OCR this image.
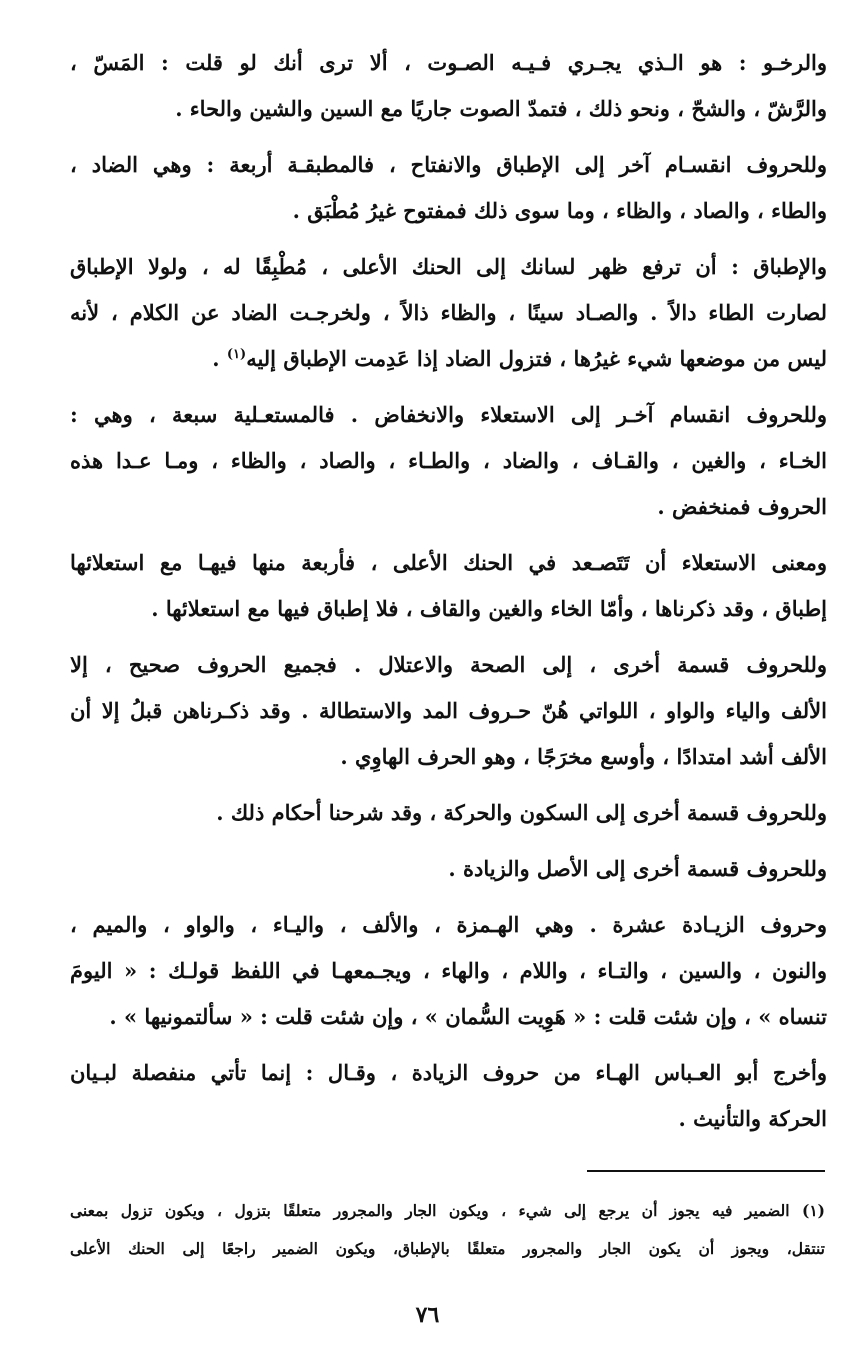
والرخـو : هو الـذي يجـري فـيـه الصـوت ، ألا ترى أنك لو قلت : المَسّ ،
والرَّشّ ، والشحّ ، ونحو ذلك ، فتمدّ الصوت جاريًا مع السين والشين والحاء .

وللحروف انقسـام آخر إلى الإطباق والانفتاح ، فالمطبقـة أربعة : وهي الضاد ،
والطاء ، والصاد ، والظاء ، وما سوى ذلك فمفتوح غيرُ مُطْبَق .

والإطباق : أن ترفع ظهر لسانك إلى الحنك الأعلى ، مُطْبِقًا له ، ولولا الإطباق
لصارت الطاء دالاً . والصـاد سينًا ، والظاء ذالاً ، ولخرجـت الضاد عن الكلام ، لأنه
ليس من موضعها شيء غيرُها ، فتزول الضاد إذا عَدِمت الإطباق إليه$^{(١)}$ .

وللحروف انقسام آخـر إلى الاستعلاء والانخفاض . فالمستعـلية سبعة ، وهي :
الخـاء ، والغين ، والقـاف ، والضاد ، والطـاء ، والصاد ، والظاء ، ومـا عـدا هذه
الحروف فمنخفض .

ومعنى الاستعلاء أن تَتَصـعد في الحنك الأعلى ، فأربعة منها فيهـا مع استعلائها
إطباق ، وقد ذكرناها ، وأمّا الخاء والغين والقاف ، فلا إطباق فيها مع استعلائها .

وللحروف قسمة أخرى ، إلى الصحة والاعتلال . فجميع الحروف صحيح ، إلا
الألف والياء والواو ، اللواتي هُنّ حـروف المد والاستطالة . وقد ذكـرناهن قبلُ إلا أن
الألف أشد امتدادًا ، وأوسع مخرَجًا ، وهو الحرف الهاوِي .

وللحروف قسمة أخرى إلى السكون والحركة ، وقد شرحنا أحكام ذلك .

وللحروف قسمة أخرى إلى الأصل والزيادة .

وحروف الزيـادة عشرة . وهي الهـمزة ، والألف ، واليـاء ، والواو ، والميم ،
والنون ، والسين ، والتـاء ، واللام ، والهاء ، ويجـمعهـا في اللفظ قولـك : « اليومَ
تنساه » ، وإن شئت قلت : « هَوِيت السُّمان » ، وإن شئت قلت : « سألتمونيها » .

وأخرج أبو العـباس الهـاء من حروف الزيادة ، وقـال : إنما تأتي منفصلة لبـيان
الحركة والتأنيث .

(١) الضمير فيه يجوز أن يرجع إلى شيء ، ويكون الجار والمجرور متعلقًا بتزول ، ويكون تزول بمعنى
تنتقل، ويجوز أن يكون الجار والمجرور متعلقًا بالإطباق، ويكون الضمير راجعًا إلى الحنك الأعلى
٧٦
